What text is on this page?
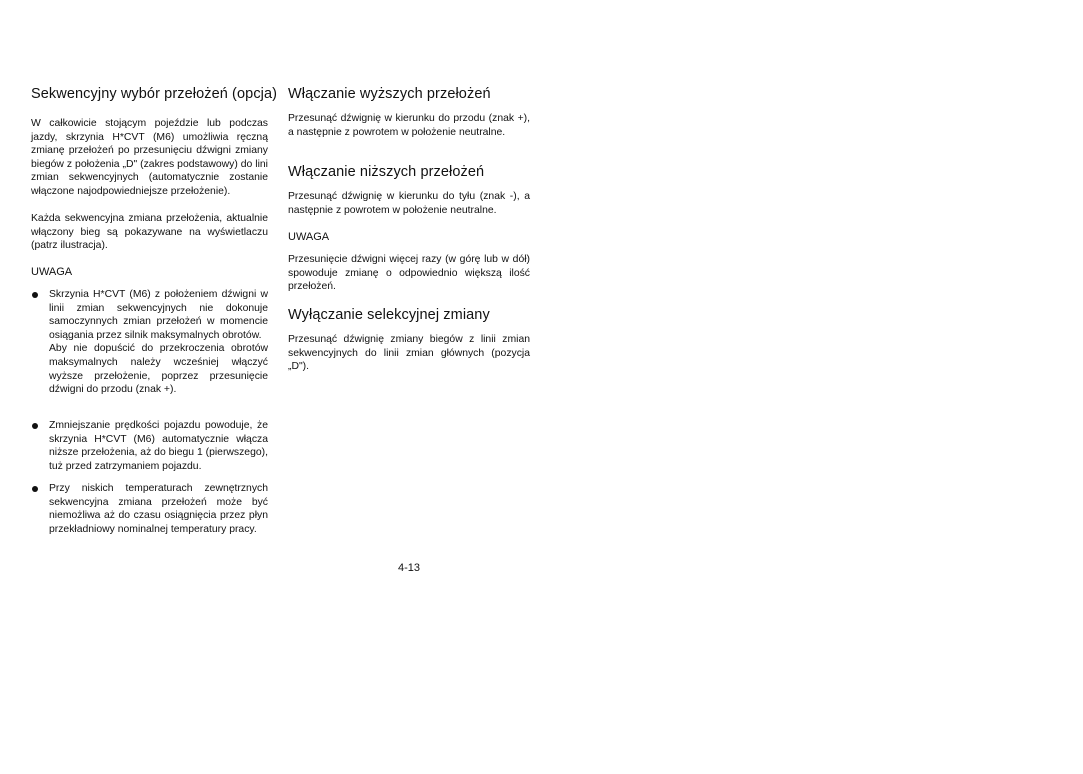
Sekwencyjny wybór przełożeń (opcja)

W całkowicie stojącym pojeździe lub podczas jazdy, skrzynia H*CVT (M6) umożliwia ręczną zmianę przełożeń po przesunięciu dźwigni zmiany biegów z położenia „D" (zakres podstawowy) do lini zmian sekwencyjnych (automatycznie zostanie włączone najodpowiedniejsze przełożenie).

Każda sekwencyjna zmiana przełożenia, aktualnie włączony bieg są pokazywane na wyświetlaczu (patrz ilustracja).

UWAGA

Skrzynia H*CVT (M6) z położeniem dźwigni w linii zmian sekwencyjnych nie dokonuje samoczynnych zmian przełożeń w momencie osiągania przez silnik maksymalnych obrotów.

Aby nie dopuścić do przekroczenia obrotów maksymalnych należy wcześniej włączyć wyższe przełożenie, poprzez przesunięcie dźwigni do przodu (znak +).

Zmniejszanie prędkości pojazdu powoduje, że skrzynia H*CVT (M6) automatycznie włącza niższe przełożenia, aż do biegu 1 (pierwszego), tuż przed zatrzymaniem pojazdu.

Przy niskich temperaturach zewnętrznych sekwencyjna zmiana przełożeń może być niemożliwa aż do czasu osiągnięcia przez płyn przekładniowy nominalnej temperatury pracy.

Włączanie wyższych przełożeń

Przesunąć dźwignię w kierunku do przodu (znak +), a następnie z powrotem w położenie neutralne.

Włączanie niższych przełożeń

Przesunąć dźwignię w kierunku do tyłu (znak -), a następnie z powrotem w położenie neutralne.

UWAGA

Przesunięcie dźwigni więcej razy (w górę lub w dół) spowoduje zmianę o odpowiednio większą ilość przełożeń.

Wyłączanie selekcyjnej zmiany

Przesunąć dźwignię zmiany biegów z linii zmian sekwencyjnych do linii zmian głównych (pozycja „D").

4-13
